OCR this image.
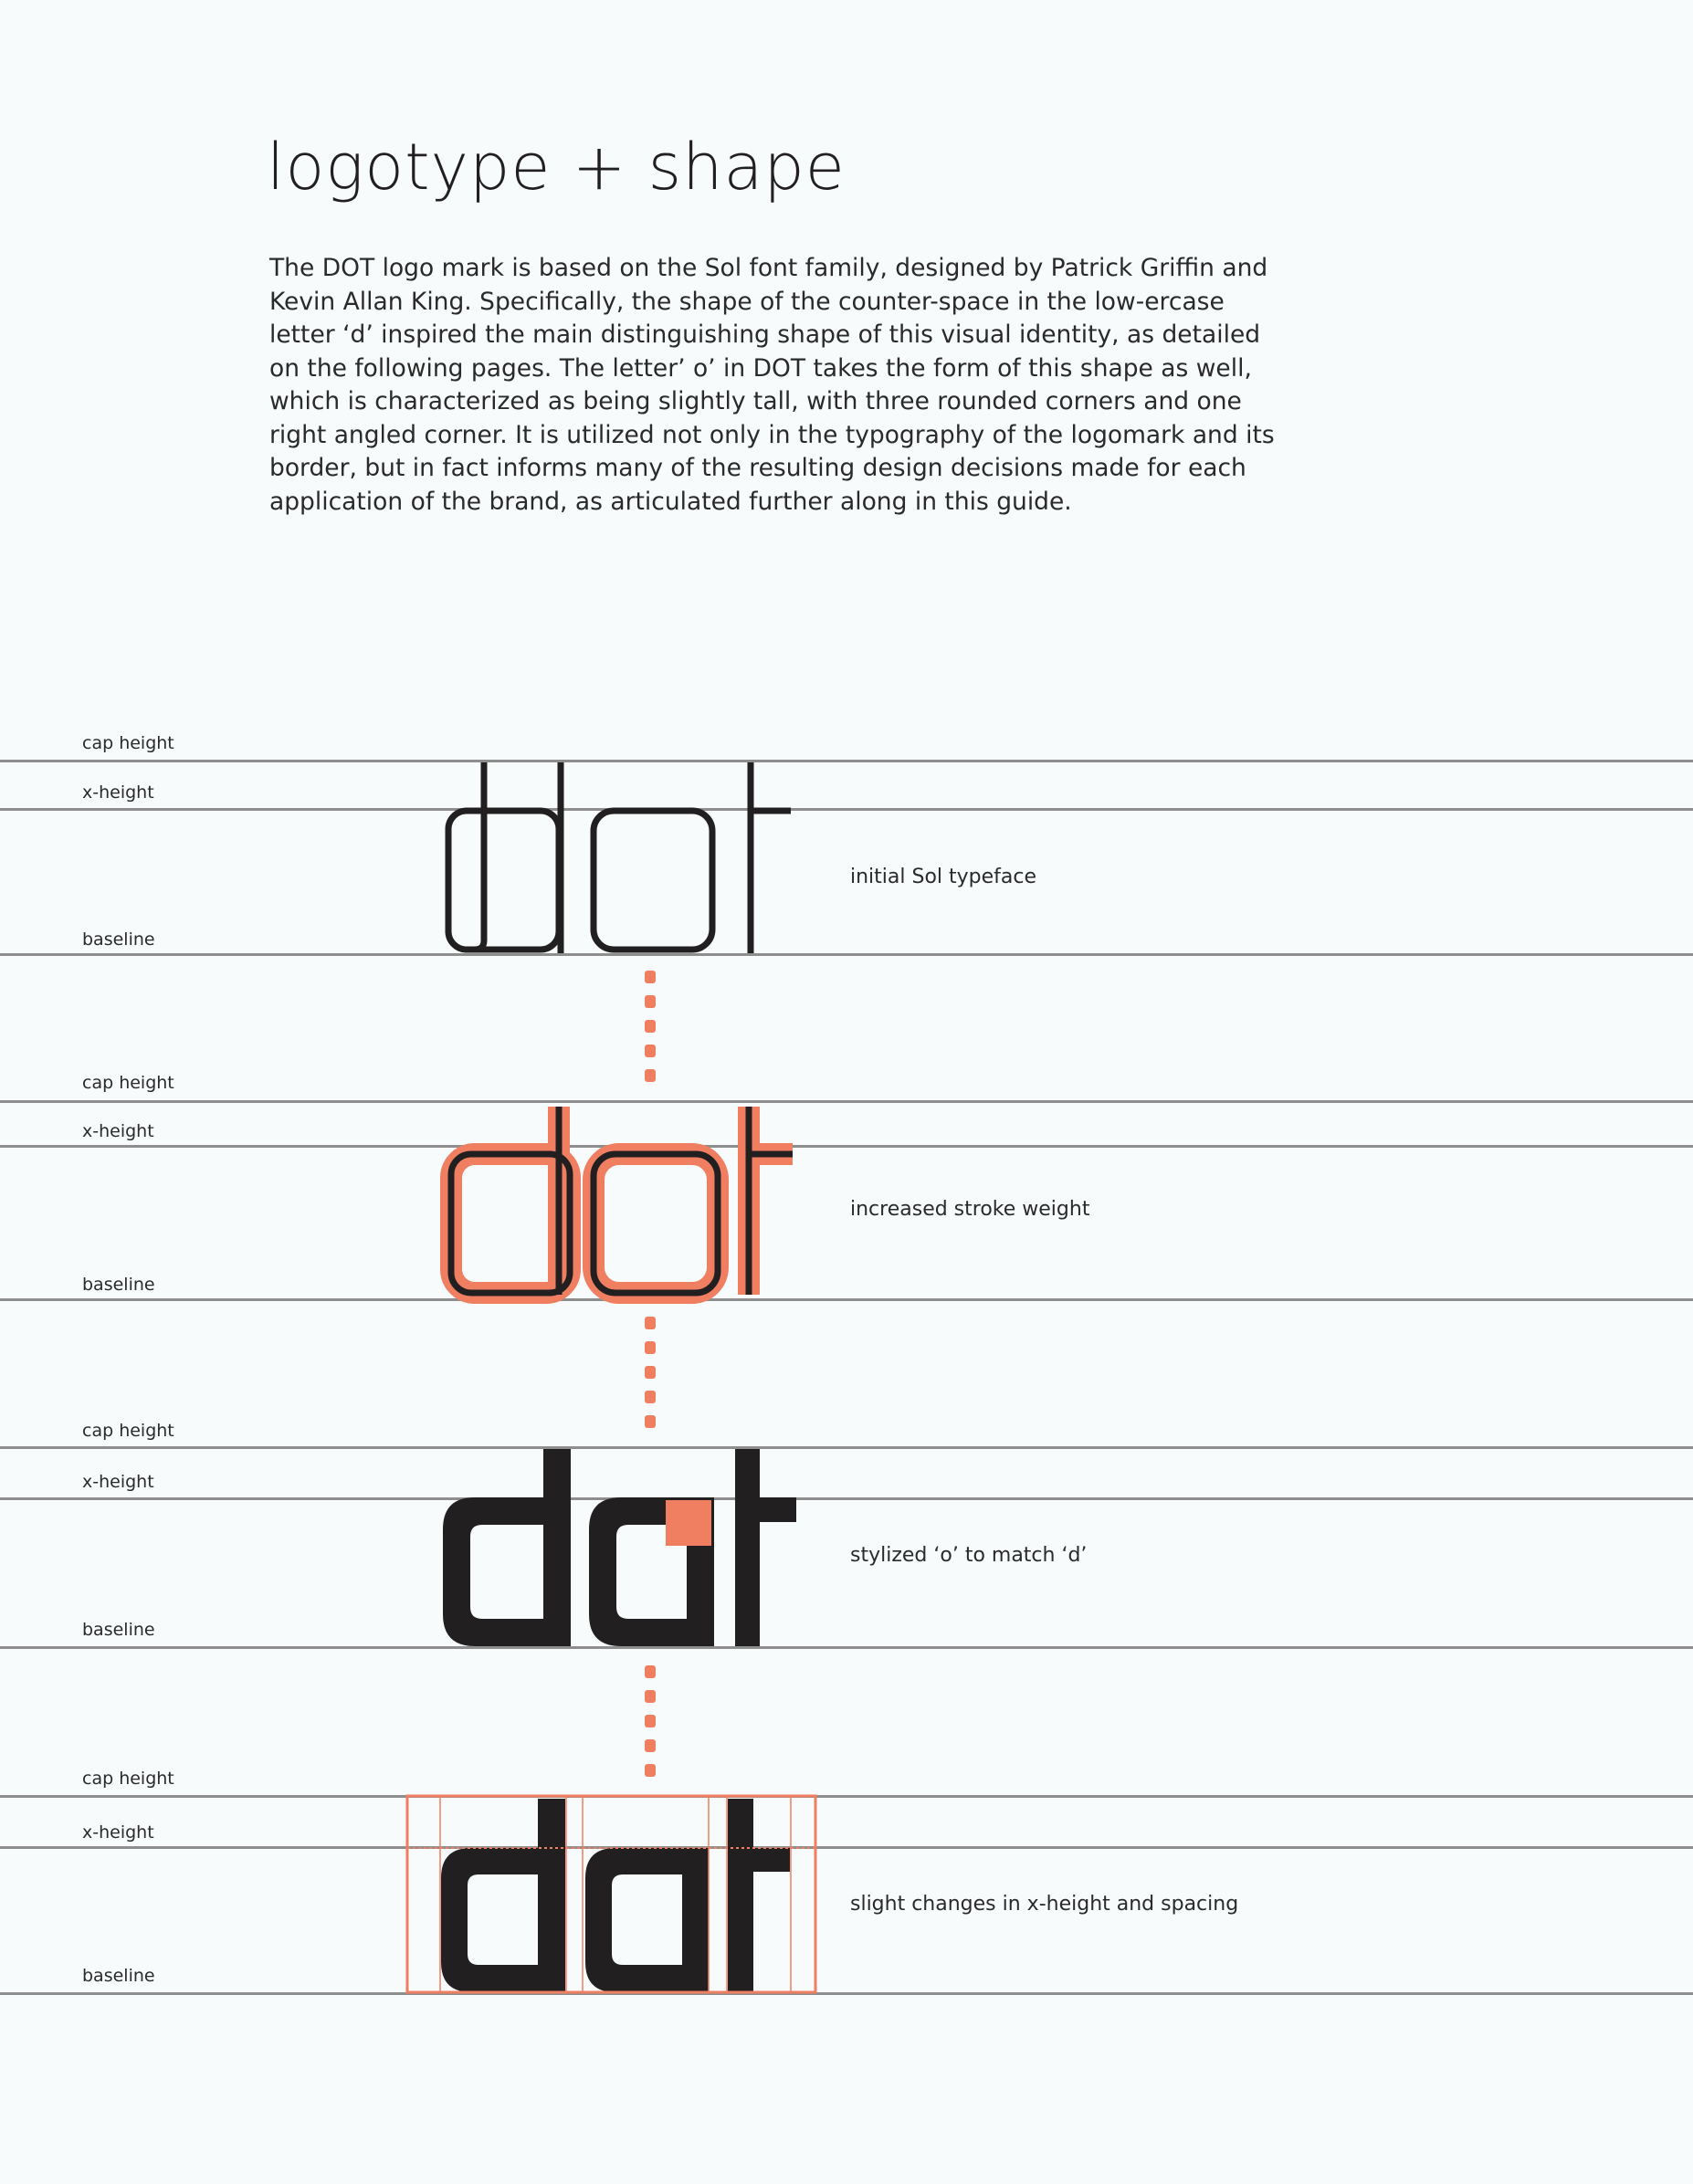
logotype + shape

The DOT logo mark is based on the Sol font family, designed by Patrick Griffin and Kevin Allan King. Specifically, the shape of the counter-space in the low-ercase letter ‘d’ inspired the main distinguishing shape of this visual identity, as detailed on the following pages. The letter’ o’ in DOT takes the form of this shape as well, which is characterized as being slightly tall, with three rounded corners and one right angled corner. It is utilized not only in the typography of the logomark and its border, but in fact informs many of the resulting design decisions made for each application of the brand, as articulated further along in this guide.

cap height
x-height
baseline
cap height
x-height
baseline
cap height
x-height
baseline
cap height
x-height
baseline
initial Sol typeface
increased stroke weight
stylized ‘o’ to match ‘d’
slight changes in x-height and spacing
